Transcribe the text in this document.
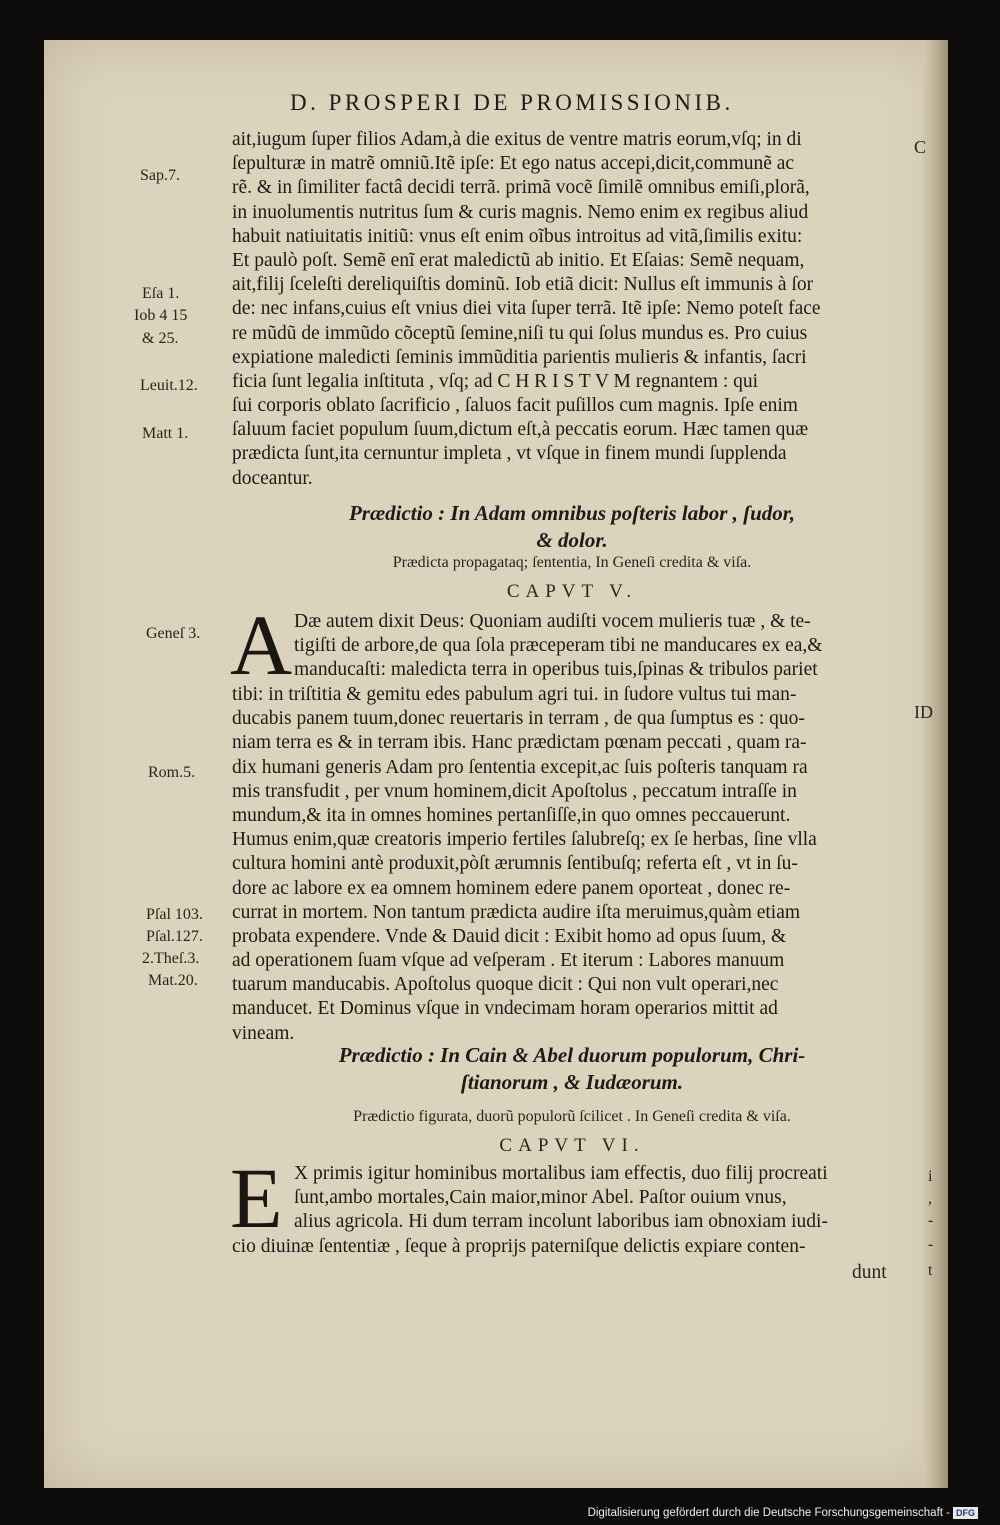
D. PROSPERI DE PROMISSIONIB.
ait,iugum ſuper filios Adam,à die exitus de ventre matris eorum,vſq; in di
ſepulturæ in matrẽ omniũ.Itẽ ipſe: Et ego natus accepi,dicit,communẽ ac
rẽ. & in ſimiliter factâ decidi terrã. primã vocẽ ſimilẽ omnibus emiſi,plorã,
in inuolumentis nutritus ſum & curis magnis. Nemo enim ex regibus aliud
habuit natiuitatis initiũ: vnus eſt enim oĩbus introitus ad vitã,ſimilis exitu:
Et paulò poſt. Semẽ enĩ erat maledictũ ab initio. Et Eſaias: Semẽ nequam,
ait,filij ſceleſti dereliquiſtis dominũ. Iob etiã dicit: Nullus eſt immunis à ſor
de: nec infans,cuius eſt vnius diei vita ſuper terrã. Itẽ ipſe: Nemo poteſt face
re mũdũ de immũdo cõceptũ ſemine,niſi tu qui ſolus mundus es. Pro cuius
expiatione maledicti ſeminis immũditia parientis mulieris & infantis, ſacri
ficia ſunt legalia inſtituta , vſq; ad C H R I S T V M regnantem : qui
ſui corporis oblato ſacrificio , ſaluos facit puſillos cum magnis. Ipſe enim
ſaluum faciet populum ſuum,dictum eſt,à peccatis eorum. Hæc tamen quæ
prædicta ſunt,ita cernuntur impleta , vt vſque in finem mundi ſupplenda
doceantur.
Sap.7.
Eſa 1.
Iob 4 15
& 25.
Leuit.12.
Matt 1.
C
Prædictio : In Adam omnibus poſteris labor , ſudor,
& dolor.
Prædicta propagataq; ſententia, In Geneſi credita & viſa.
CAPVT V.
A Dæ autem dixit Deus: Quoniam audiſti vocem mulieris tuæ , & te-
tigiſti de arbore,de qua ſola præceperam tibi ne manducares ex ea,&
manducaſti: maledicta terra in operibus tuis,ſpinas & tribulos pariet
tibi: in triſtitia & gemitu edes pabulum agri tui. in ſudore vultus tui man-
ducabis panem tuum,donec reuertaris in terram , de qua ſumptus es : quo-
niam terra es & in terram ibis. Hanc prædictam pœnam peccati , quam ra-
dix humani generis Adam pro ſententia excepit,ac ſuis poſteris tanquam ra
mis transfudit , per vnum hominem,dicit Apoſtolus , peccatum intraſſe in
mundum,& ita in omnes homines pertanſiſſe,in quo omnes peccauerunt.
Humus enim,quæ creatoris imperio fertiles ſalubreſq; ex ſe herbas, ſine vlla
cultura homini antè produxit,pòſt ærumnis ſentibuſq; referta eſt , vt in ſu-
dore ac labore ex ea omnem hominem edere panem oporteat , donec re-
currat in mortem. Non tantum prædicta audire iſta meruimus,quàm etiam
probata expendere. Vnde & Dauid dicit : Exibit homo ad opus ſuum, &
ad operationem ſuam vſque ad veſperam . Et iterum : Labores manuum
tuarum manducabis. Apoſtolus quoque dicit : Qui non vult operari,nec
manducet. Et Dominus vſque in vndecimam horam operarios mittit ad
vineam.
Geneſ 3.
Rom.5.
Pſal 103.
Pſal.127.
2.Theſ.3.
Mat.20.
ID
Prædictio : In Cain & Abel duorum populorum, Chri-
ſtianorum , & Iudæorum.
Prædictio figurata, duorũ populorũ ſcilicet . In Geneſi credita & viſa.
CAPVT VI.
E X primis igitur hominibus mortalibus iam effectis, duo filij procreati
ſunt,ambo mortales,Cain maior,minor Abel. Paſtor ouium vnus,
alius agricola. Hi dum terram incolunt laboribus iam obnoxiam iudi-
cio diuinæ ſententiæ , ſeque à proprijs paterniſque delictis expiare conten-
dunt
i
,
-
-
t
Digitalisierung gefördert durch die Deutsche Forschungsgemeinschaft - DFG
